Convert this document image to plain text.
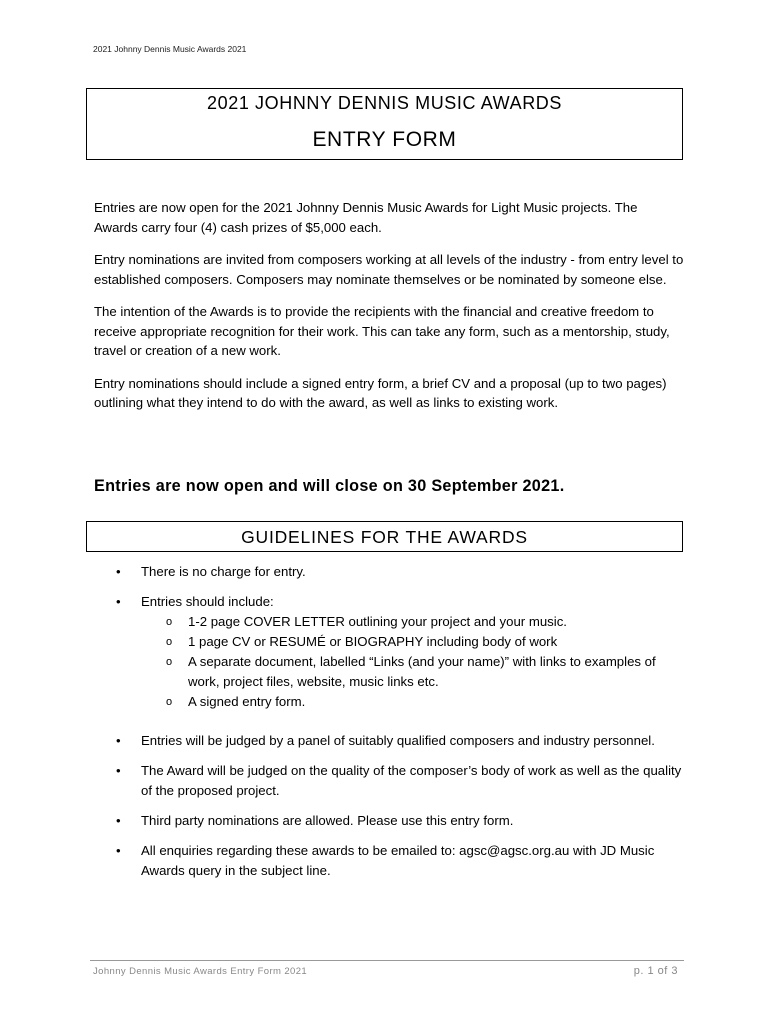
2021 Johnny Dennis Music Awards 2021
2021 JOHNNY DENNIS MUSIC AWARDS
ENTRY FORM

Entries are now open for the 2021 Johnny Dennis Music Awards for Light Music projects. The Awards carry four (4) cash prizes of $5,000 each.

Entry nominations are invited from composers working at all levels of the industry - from entry level to established composers. Composers may nominate themselves or be nominated by someone else.

The intention of the Awards is to provide the recipients with the financial and creative freedom to receive appropriate recognition for their work. This can take any form, such as a mentorship, study, travel or creation of a new work.

Entry nominations should include a signed entry form, a brief CV and a proposal (up to two pages) outlining what they intend to do with the award, as well as links to existing work.

Entries are now open and will close on 30 September 2021.
GUIDELINES FOR THE AWARDS
•	There is no charge for entry.
•	Entries should include:
o	1-2 page COVER LETTER outlining your project and your music.
o	1 page CV or RESUMÉ or BIOGRAPHY including body of work
o	A separate document, labelled “Links (and your name)” with links to examples of work, project files, website, music links etc.
o	A signed entry form.
•	Entries will be judged by a panel of suitably qualified composers and industry personnel.
•	The Award will be judged on the quality of the composer’s body of work as well as the quality of the proposed project.
•	Third party nominations are allowed. Please use this entry form.
•	All enquiries regarding these awards to be emailed to: agsc@agsc.org.au with JD Music Awards query in the subject line.
Johnny Dennis Music Awards Entry Form 2021	p. 1 of 3
